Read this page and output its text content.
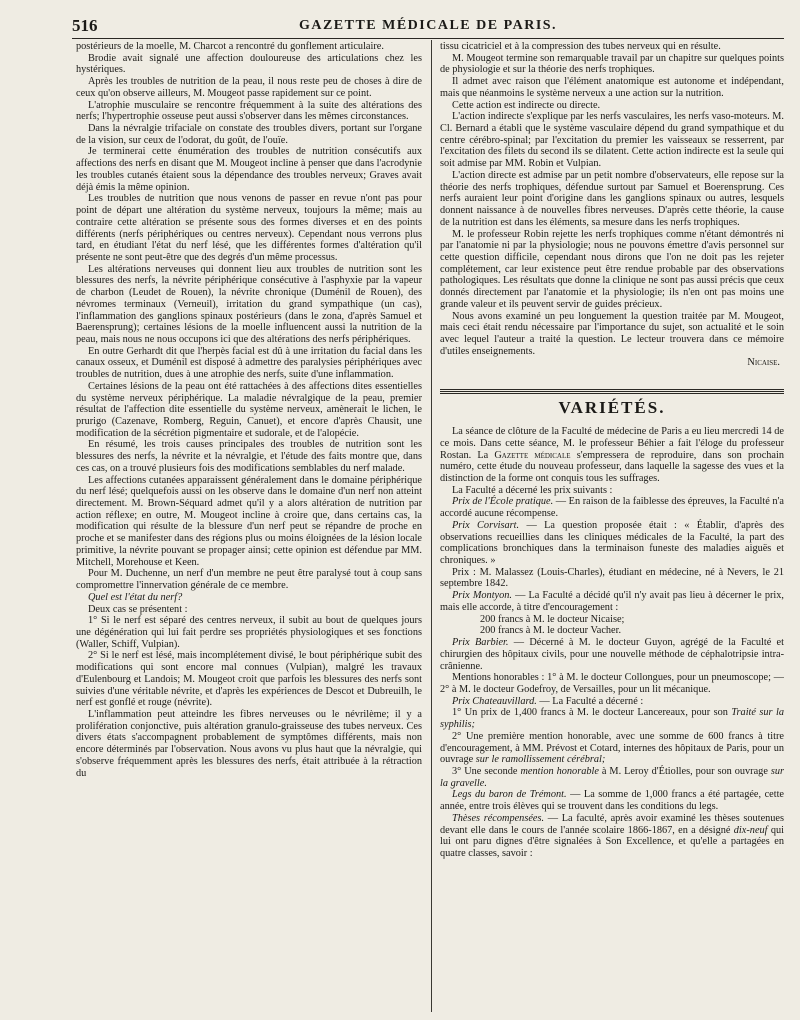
516	GAZETTE MÉDICALE DE PARIS.

postérieurs de la moelle, M. Charcot a rencontré du gonflement articulaire.

Brodie avait signalé une affection douloureuse des articulations chez les hystériques.

Après les troubles de nutrition de la peau, il nous reste peu de choses à dire de ceux qu'on observe ailleurs, M. Mougeot passe rapidement sur ce point.

L'atrophie musculaire se rencontre fréquemment à la suite des altérations des nerfs; l'hypertrophie osseuse peut aussi s'observer dans les mêmes circonstances.

Dans la névralgie trifaciale on constate des troubles divers, portant sur l'organe de la vision, sur ceux de l'odorat, du goût, de l'ouïe.

Je terminerai cette énumération des troubles de nutrition consécutifs aux affections des nerfs en disant que M. Mougeot incline à penser que dans l'acrodynie les troubles cutanés étaient sous la dépendance des troubles nerveux; Graves avait déjà émis la même opinion.

Les troubles de nutrition que nous venons de passer en revue n'ont pas pour point de départ une altération du système nerveux, toujours la même; mais au contraire cette altération se présente sous des formes diverses et en des points différents (nerfs périphériques ou centres nerveux). Cependant nous verrons plus tard, en étudiant l'état du nerf lésé, que les différentes formes d'altération qu'il présente ne sont peut-être que des degrés d'un même processus.

Les altérations nerveuses qui donnent lieu aux troubles de nutrition sont les blessures des nerfs, la névrite périphérique consécutive à l'asphyxie par la vapeur de charbon (Leudet de Rouen), la névrite chronique (Duménil de Rouen), des névromes terminaux (Verneuil), irritation du grand sympathique (un cas), l'inflammation des ganglions spinaux postérieurs (dans le zona, d'après Samuel et Baerensprung); certaines lésions de la moelle influencent aussi la nutrition de la peau, mais nous ne nous occupons ici que des altérations des nerfs périphériques.

En outre Gerhardt dit que l'herpès facial est dû à une irritation du facial dans les canaux osseux, et Duménil est disposé à admettre des paralysies périphériques avec troubles de nutrition, dues à une atrophie des nerfs, suite d'une inflammation.

Certaines lésions de la peau ont été rattachées à des affections dites essentielles du système nerveux périphérique. La maladie névralgique de la peau, premier résultat de l'affection dite essentielle du système nerveux, amènerait le lichen, le prurigo (Cazenave, Romberg, Reguin, Canuet), et encore d'après Chausit, une modification de la sécrétion pigmentaire et sudorale, et de l'alopécie.

En résumé, les trois causes principales des troubles de nutrition sont les blessures des nerfs, la névrite et la névralgie, et l'étude des faits montre que, dans ces cas, on a trouvé plusieurs fois des modifications semblables du nerf malade.

Les affections cutanées apparaissent généralement dans le domaine périphérique du nerf lésé; quelquefois aussi on les observe dans le domaine d'un nerf non atteint directement. M. Brown-Séquard admet qu'il y a alors altération de nutrition par action réflexe; en outre, M. Mougeot incline à croire que, dans certains cas, la modification qui résulte de la blessure d'un nerf peut se répandre de proche en proche et se manifester dans des régions plus ou moins éloignées de la lésion locale primitive, la névrite pouvant se propager ainsi; cette opinion est défendue par MM. Mitchell, Morehouse et Keen.

Pour M. Duchenne, un nerf d'un membre ne peut être paralysé tout à coup sans compromettre l'innervation générale de ce membre.

Quel est l'état du nerf?

Deux cas se présentent :

1° Si le nerf est séparé des centres nerveux, il subit au bout de quelques jours une dégénération qui lui fait perdre ses propriétés physiologiques et ses fonctions (Waller, Schiff, Vulpian).

2° Si le nerf est lésé, mais incomplétement divisé, le bout périphérique subit des modifications qui sont encore mal connues (Vulpian), malgré les travaux d'Eulenbourg et Landois; M. Mougeot croit que parfois les blessures des nerfs sont suivies d'une véritable névrite, et d'après les expériences de Descot et Dubreuilh, le nerf est gonflé et rouge (névrite).

L'inflammation peut atteindre les fibres nerveuses ou le névrilème; il y a prolifération conjonctive, puis altération granulo-graisseuse des tubes nerveux. Ces divers états s'accompagnent probablement de symptômes différents, mais non encore déterminés par l'observation. Nous avons vu plus haut que la névralgie, qui s'observe fréquemment après les blessures des nerfs, était attribuée à la rétraction du

tissu cicatriciel et à la compression des tubes nerveux qui en résulte.

M. Mougeot termine son remarquable travail par un chapitre sur quelques points de physiologie et sur la théorie des nerfs trophiques.

Il admet avec raison que l'élément anatomique est autonome et indépendant, mais que néanmoins le système nerveux a une action sur la nutrition.

Cette action est indirecte ou directe.

L'action indirecte s'explique par les nerfs vasculaires, les nerfs vaso-moteurs. M. Cl. Bernard a établi que le système vasculaire dépend du grand sympathique et du centre cérébro-spinal; par l'excitation du premier les vaisseaux se resserrent, par l'excitation des filets du second ils se dilatent. Cette action indirecte est la seule qui soit admise par MM. Robin et Vulpian.

L'action directe est admise par un petit nombre d'observateurs, elle repose sur la théorie des nerfs trophiques, défendue surtout par Samuel et Boerensprung. Ces nerfs auraient leur point d'origine dans les ganglions spinaux ou autres, lesquels donnent naissance à de nouvelles fibres nerveuses. D'après cette théorie, la cause de la nutrition est dans les éléments, sa mesure dans les nerfs trophiques.

M. le professeur Robin rejette les nerfs trophiques comme n'étant démontrés ni par l'anatomie ni par la physiologie; nous ne pouvons émettre d'avis personnel sur cette question difficile, cependant nous dirons que l'on ne doit pas les rejeter complétement, car leur existence peut être rendue probable par des observations pathologiques. Les résultats que donne la clinique ne sont pas aussi précis que ceux donnés directement par l'anatomie et la physiologie; ils n'en ont pas moins une grande valeur et ils peuvent servir de guides précieux.

Nous avons examiné un peu longuement la question traitée par M. Mougeot, mais ceci était rendu nécessaire par l'importance du sujet, son actualité et le soin avec lequel l'auteur a traité la question. Le lecteur trouvera dans ce mémoire d'utiles enseignements.

Nicaise.

VARIÉTÉS.

La séance de clôture de la Faculté de médecine de Paris a eu lieu mercredi 14 de ce mois. Dans cette séance, M. le professeur Béhier a fait l'éloge du professeur Rostan. La Gazette médicale s'empressera de reproduire, dans son prochain numéro, cette étude du nouveau professeur, dans laquelle la sagesse des vues et la distinction de la forme ont conquis tous les suffrages.

La Faculté a décerné les prix suivants :

Prix de l'École pratique. — En raison de la faiblesse des épreuves, la Faculté n'a accordé aucune récompense.

Prix Corvisart. — La question proposée était : « Établir, d'après des observations recueillies dans les cliniques médicales de la Faculté, la part des complications bronchiques dans la terminaison funeste des maladies aiguës et chroniques. »

Prix : M. Malassez (Louis-Charles), étudiant en médecine, né à Nevers, le 21 septembre 1842.

Prix Montyon. — La Faculté a décidé qu'il n'y avait pas lieu à décerner le prix, mais elle accorde, à titre d'encouragement :

200 francs à M. le docteur Nicaise;

200 francs à M. le docteur Vacher.

Prix Barbier. — Décerné à M. le docteur Guyon, agrégé de la Faculté et chirurgien des hôpitaux civils, pour une nouvelle méthode de céphalotripsie intra-crânienne.

Mentions honorables : 1° à M. le docteur Collongues, pour un pneumoscope; — 2° à M. le docteur Godefroy, de Versailles, pour un lit mécanique.

Prix Chateauvillard. — La Faculté a décerné :

1° Un prix de 1,400 francs à M. le docteur Lancereaux, pour son Traité sur la syphilis;

2° Une première mention honorable, avec une somme de 600 francs à titre d'encouragement, à MM. Prévost et Cotard, internes des hôpitaux de Paris, pour un ouvrage sur le ramollissement cérébral;

3° Une seconde mention honorable à M. Leroy d'Étiolles, pour son ouvrage sur la gravelle.

Legs du baron de Trémont. — La somme de 1,000 francs a été partagée, cette année, entre trois élèves qui se trouvent dans les conditions du legs.

Thèses récompensées. — La faculté, après avoir examiné les thèses soutenues devant elle dans le cours de l'année scolaire 1866-1867, en a désigné dix-neuf qui lui ont paru dignes d'être signalées à Son Excellence, et qu'elle a partagées en quatre classes, savoir :
